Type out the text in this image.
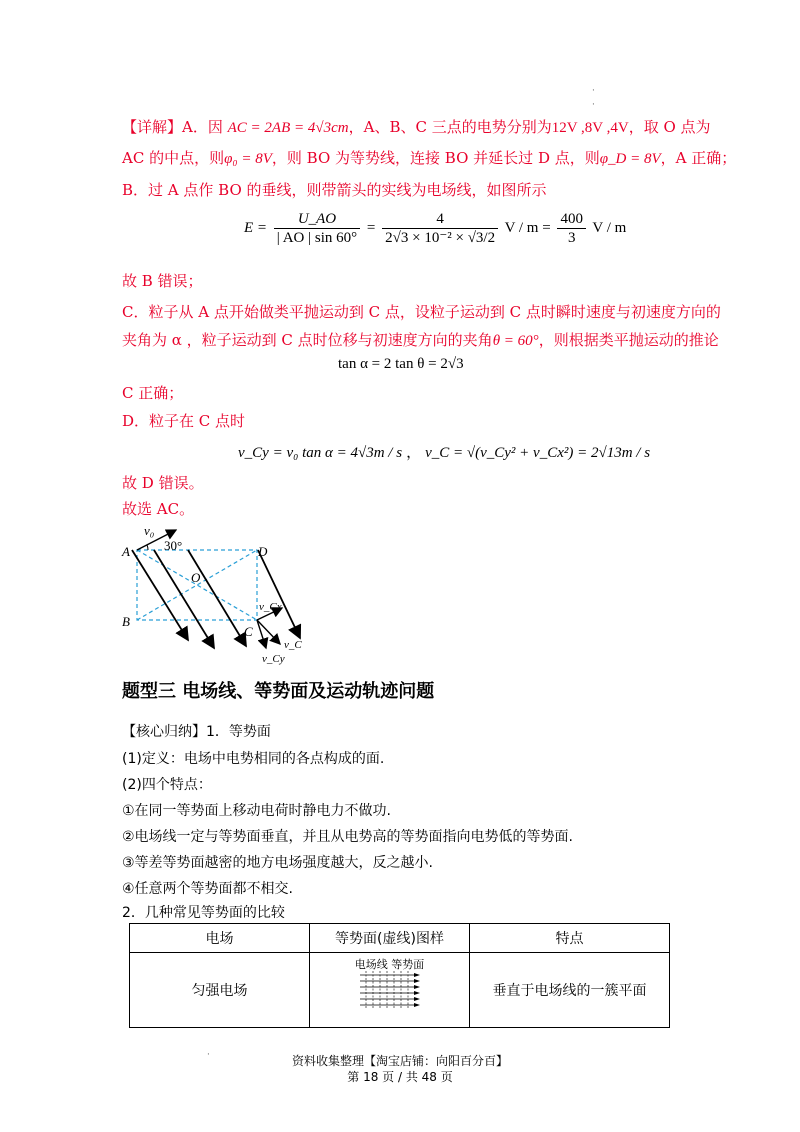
·
·
【详解】A．因 AC = 2AB = 4√3cm，A、B、C 三点的电势分别为12V ,8V ,4V，取 O 点为
AC 的中点，则φ₀ = 8V，则 BO 为等势线，连接 BO 并延长过 D 点，则φ_D = 8V，A 正确；
B．过 A 点作 BO 的垂线，则带箭头的实线为电场线，如图所示
$E = \frac{U\_AO}{| AO | \sin 60^\circ} = \frac{4}{\text{2√3 × 10⁻² × √3/2}}$ $V / m = \frac{400}{3}$ V / m
故 B 错误；
C．粒子从 A 点开始做类平抛运动到 C 点，设粒子运动到 C 点时瞬时速度与初速度方向的
夹角为 α ，粒子运动到 C 点时位移与初速度方向的夹角θ = 60°，则根据类平抛运动的推论
tan α = 2 tan θ = 2√3
C 正确；
D．粒子在 C 点时
v_Cy = v₀ tan α = 4√3m / s ， v_C = √(v_Cy² + v_Cx²) = 2√13m / s
故 D 错误。
故选 AC。
v₀
30°
A	D
O
B
C
v_Cx
v_C
v_Cy
题型三 电场线、等势面及运动轨迹问题
【核心归纳】1．等势面
(1)定义：电场中电势相同的各点构成的面.
(2)四个特点：
①在同一等势面上移动电荷时静电力不做功.
②电场线一定与等势面垂直，并且从电势高的等势面指向电势低的等势面.
③等差等势面越密的地方电场强度越大，反之越小.
④任意两个等势面都不相交.
2．几种常见等势面的比较
电场	等势面(虚线)图样	特点
匀强电场	电场线 等势面	垂直于电场线的一簇平面
·	资料收集整理【淘宝店铺：向阳百分百】
第 18 页 / 共 48 页
